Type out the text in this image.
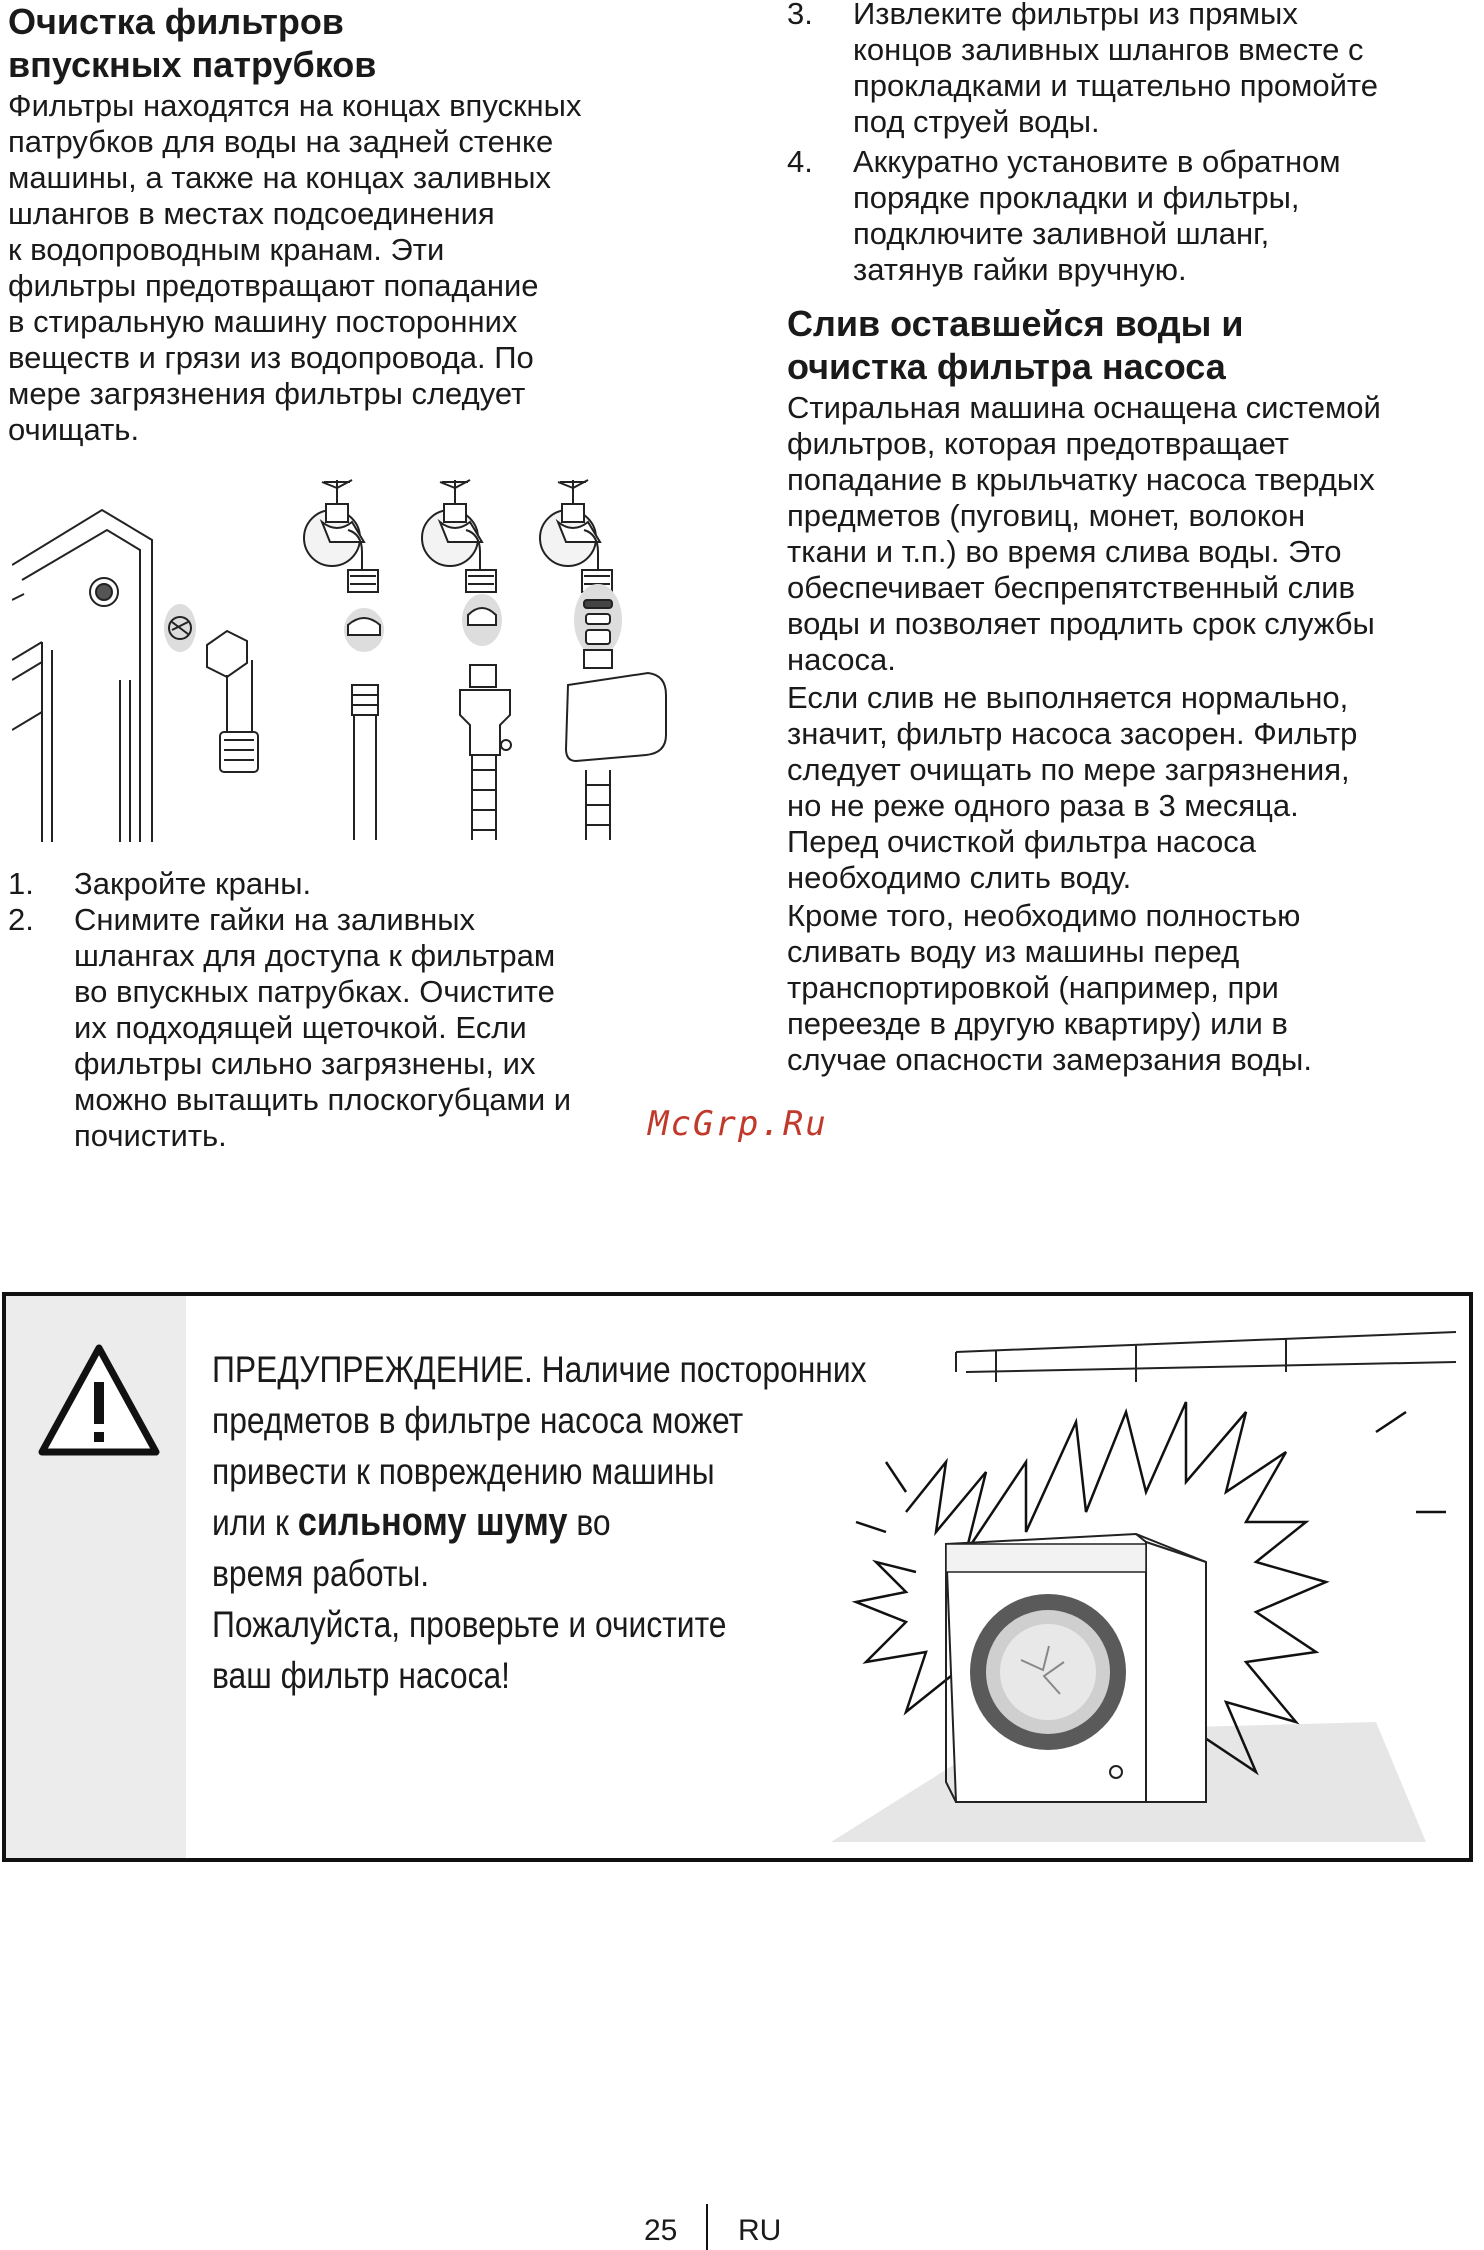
Очистка фильтров
впускных патрубков

Фильтры находятся на концах впускных
патрубков для воды на задней стенке
машины, а также на концах заливных
шлангов в местах подсоединения
к водопроводным кранам. Эти
фильтры предотвращают попадание
в стиральную машину посторонних
веществ и грязи из водопровода. По
мере загрязнения фильтры следует
очищать.

1. Закройте краны.
2. Снимите гайки на заливных
шлангах для доступа к фильтрам
во впускных патрубках. Очистите
их подходящей щеточкой. Если
фильтры сильно загрязнены, их
можно вытащить плоскогубцами и
почистить.
3. Извлеките фильтры из прямых
концов заливных шлангов вместе с
прокладками и тщательно промойте
под струей воды.
4. Аккуратно установите в обратном
порядке прокладки и фильтры,
подключите заливной шланг,
затянув гайки вручную.
Слив оставшейся воды и
очистка фильтра насоса

Стиральная машина оснащена системой
фильтров, которая предотвращает
попадание в крыльчатку насоса твердых
предметов (пуговиц, монет, волокон
ткани и т.п.) во время слива воды. Это
обеспечивает беспрепятственный слив
воды и позволяет продлить срок службы
насоса.

Если слив не выполняется нормально,
значит, фильтр насоса засорен. Фильтр
следует очищать по мере загрязнения,
но не реже одного раза в 3 месяца.
Перед очисткой фильтра насоса
необходимо слить воду.

Кроме того, необходимо полностью
сливать воду из машины перед
транспортировкой (например, при
переезде в другую квартиру) или в
случае опасности замерзания воды.

McGrp.Ru
ПРЕДУПРЕЖДЕНИЕ. Наличие посторонних
предметов в фильтре насоса может
привести к повреждению машины
или к сильному шуму во
время работы.
Пожалуйста, проверьте и очистите
ваш фильтр насоса!
25 RU
